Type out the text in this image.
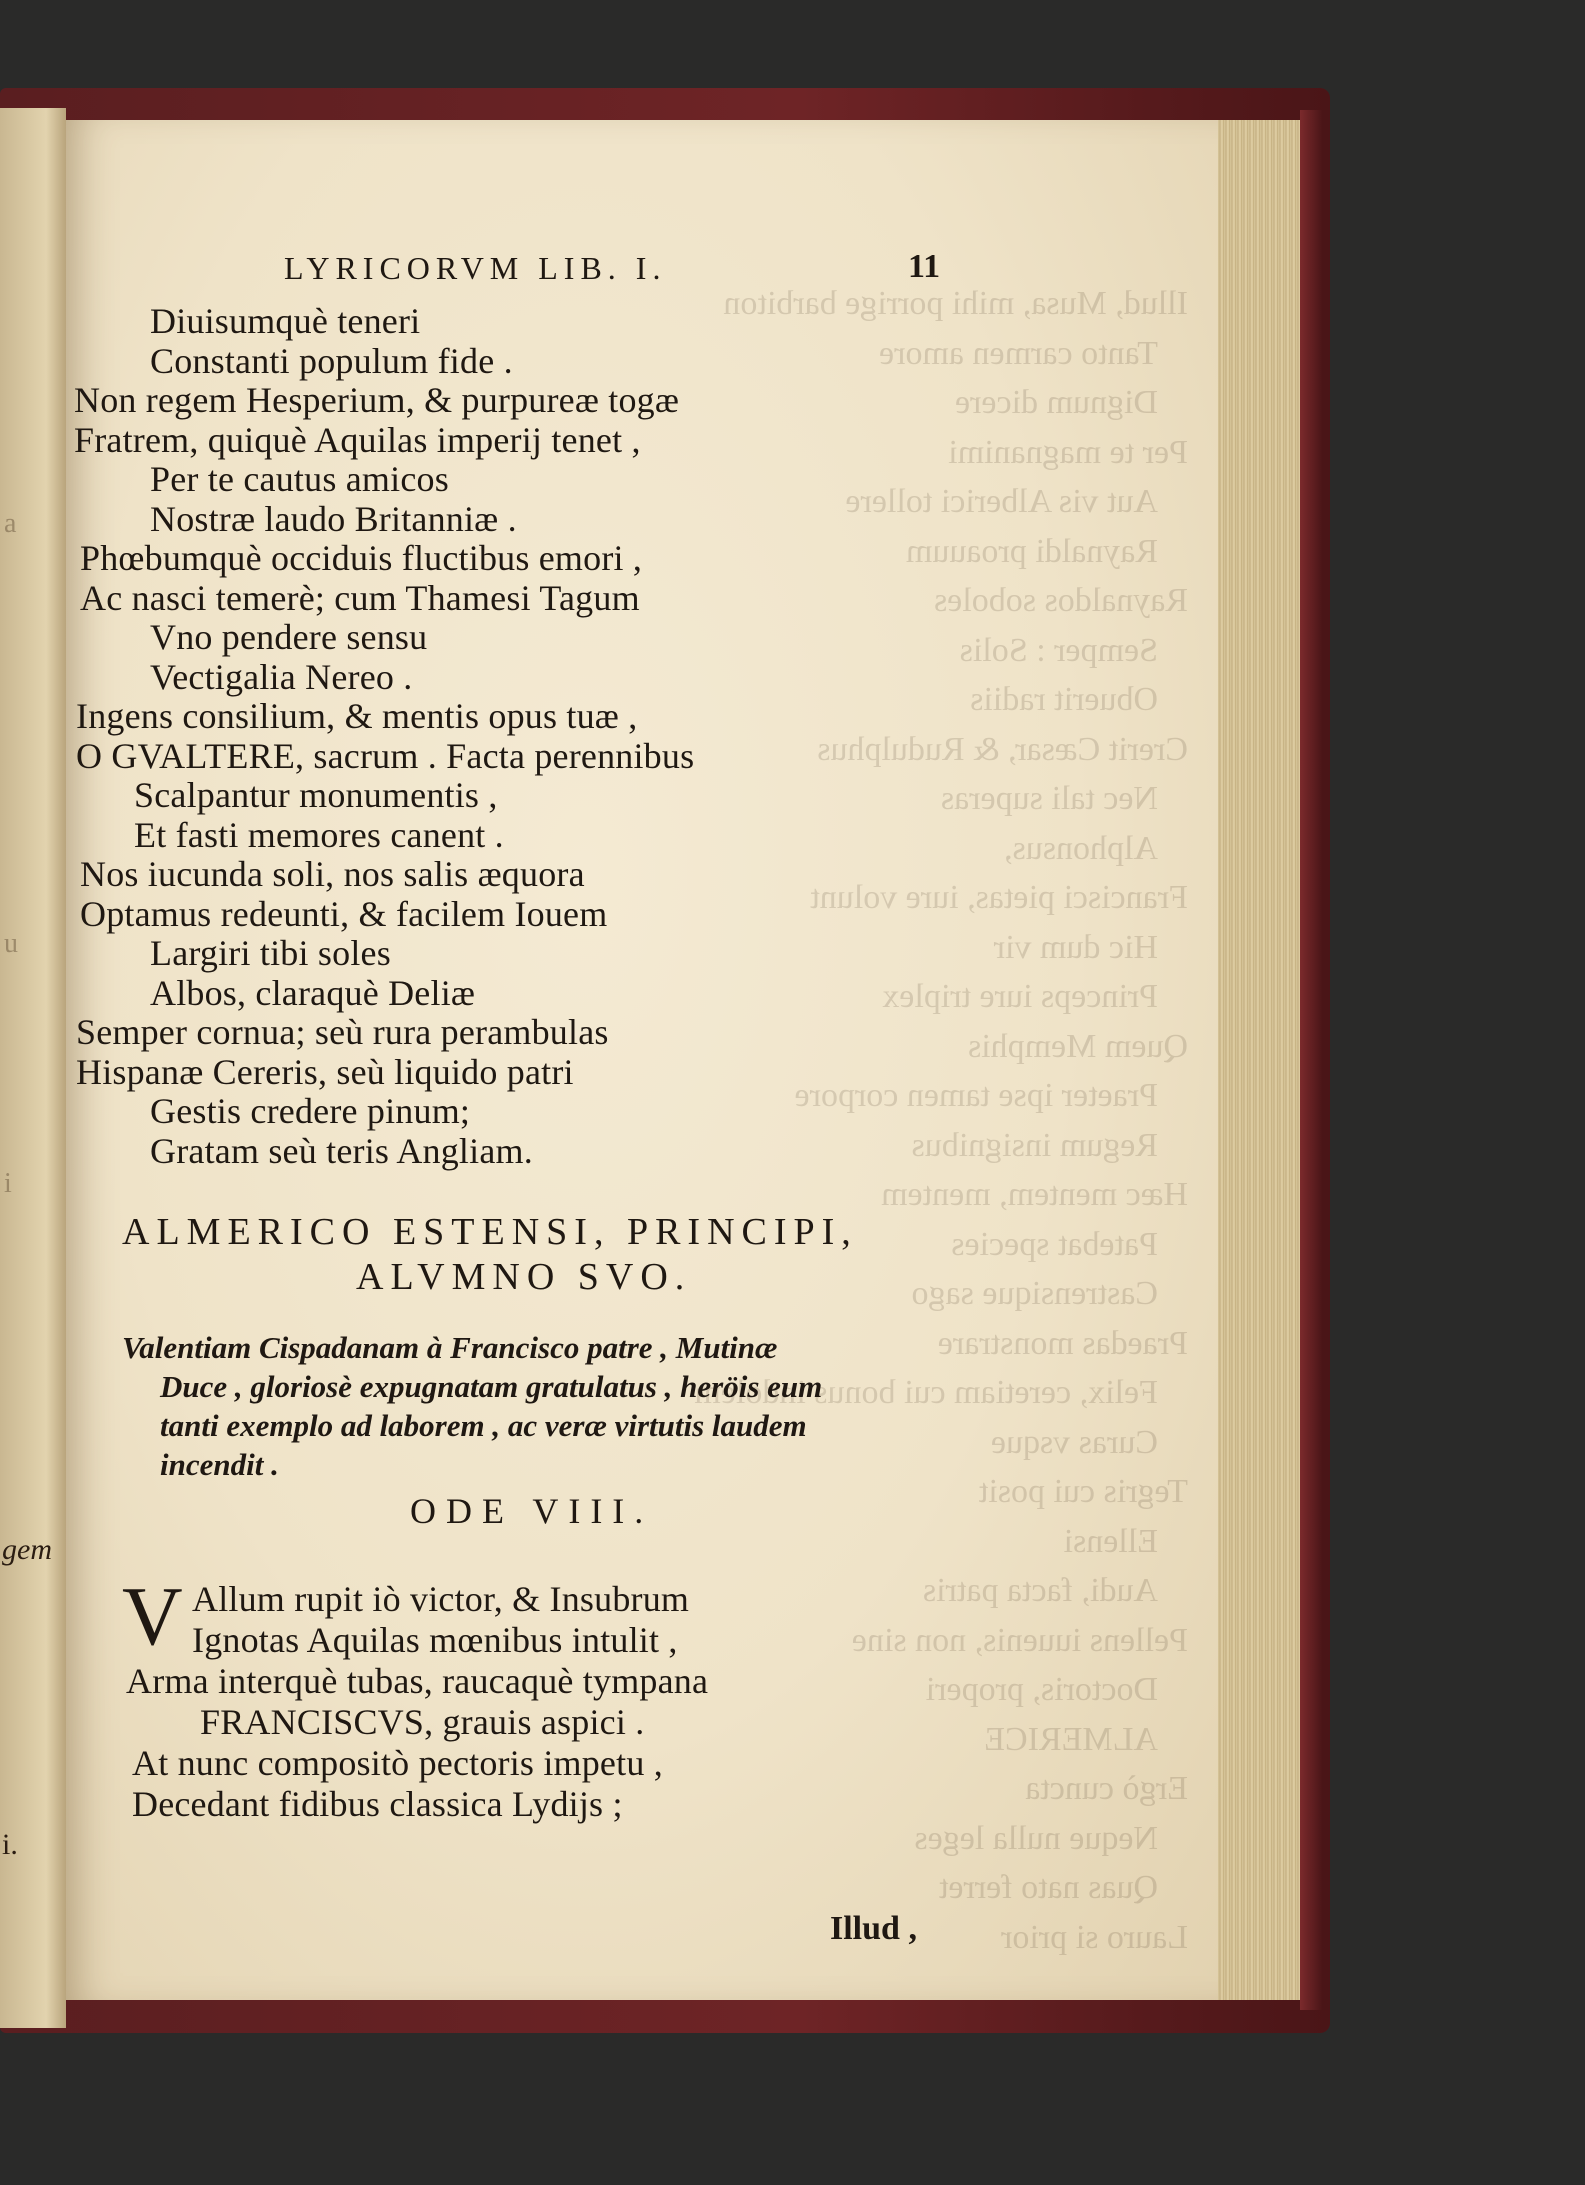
a
u
i
gem
i.
Illud, Musa, mihi porrige barbiton
Tanto carmen amore
Dignum dicere
Per te magnanimi
Aut vis Alberici tollere
Raynaldi proauum
Raynaldos soboles
Semper : Solis
Obuerit radiis
Crerit Cæsar, & Rudulphus
Nec tali superas
Alphonsus,
Francisci pietas, iure volunt
Hic dum vir
Princeps iure triplex
Quem Memphis
Praeter ipse tamen corpore
Regum insignibus
Hæc mentem, mentem
Patebat species
Castrensique sago
Praedas monstrare
Felix, ceretiam cui bonus indolem
Curas vsque
Tegris cui posit
Ellensi
Audi, facta patris
Pellens iuuenis, non sine
Doctoris, properi
ALMERICE
Ergò cuncta
Neque nulla leges
Quas nato ferret
Lauro si prior
LYRICORVM LIB. I.	11
Diuisumquè teneri
Constanti populum fide .
Non regem Hesperium, & purpureæ togæ
Fratrem, quiquè Aquilas imperij tenet ,
Per te cautus amicos
Nostræ laudo Britanniæ .
Phœbumquè occiduis fluctibus emori ,
Ac nasci temerè; cum Thamesi Tagum
Vno pendere sensu
Vectigalia Nereo .
Ingens consilium, & mentis opus tuæ ,
O GVALTERE, sacrum . Facta perennibus
Scalpantur monumentis ,
Et fasti memores canent .
Nos iucunda soli, nos salis æquora
Optamus redeunti, & facilem Iouem
Largiri tibi soles
Albos, claraquè Deliæ
Semper cornua; seù rura perambulas
Hispanæ Cereris, seù liquido patri
Gestis credere pinum;
Gratam seù teris Angliam.
ALMERICO ESTENSI, PRINCIPI,
ALVMNO SVO.
Valentiam Cispadanam à Francisco patre , Mutinæ
Duce , gloriosè expugnatam gratulatus , heröis eum
tanti exemplo ad laborem , ac veræ virtutis laudem
incendit .
ODE VIII.
V Allum rupit iò victor, & Insubrum
Ignotas Aquilas mœnibus intulit ,
Arma interquè tubas, raucaquè tympana
FRANCISCVS, grauis aspici .
At nunc compositò pectoris impetu ,
Decedant fidibus classica Lydijs ;
Illud ,
